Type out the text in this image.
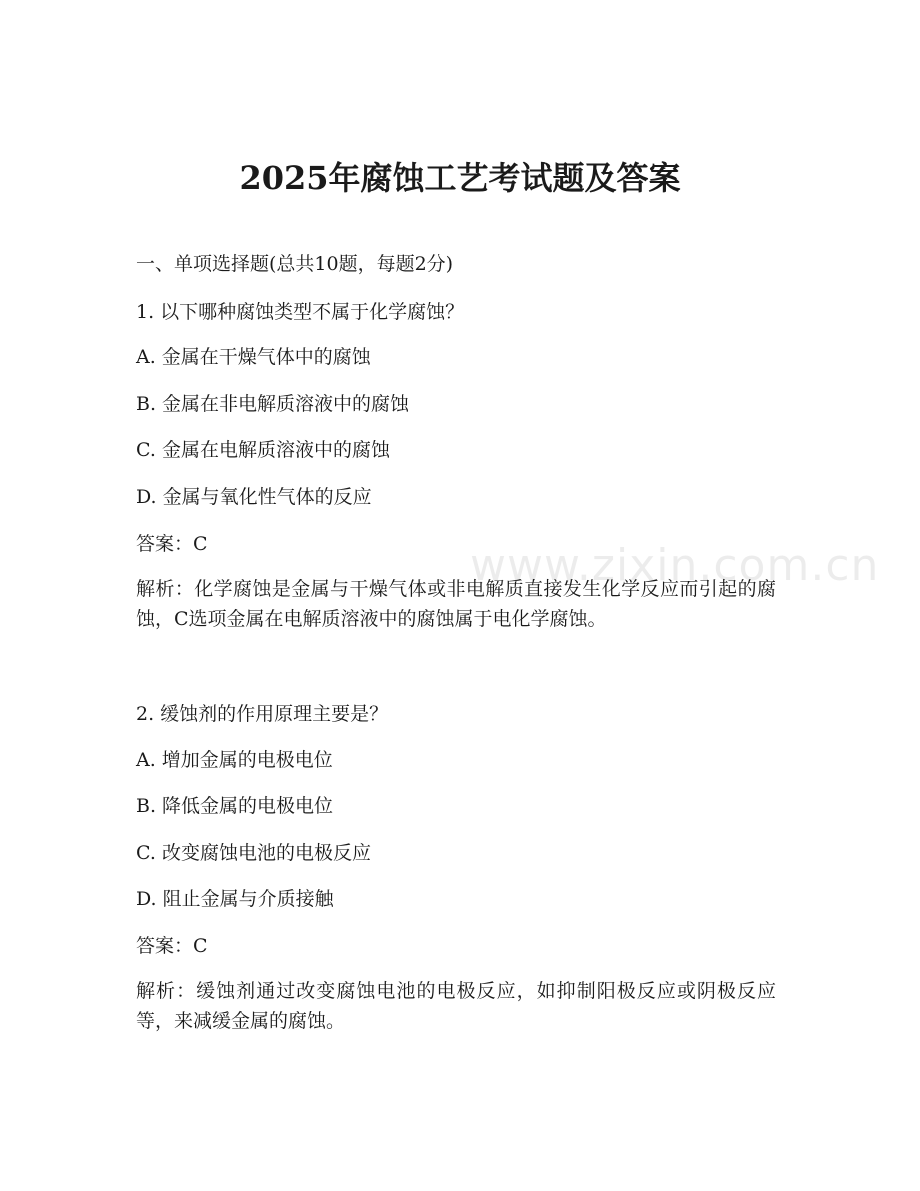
www.zixin.com.cn
2025年腐蚀工艺考试题及答案

一、单项选择题(总共10题，每题2分)

1. 以下哪种腐蚀类型不属于化学腐蚀？

A. 金属在干燥气体中的腐蚀

B. 金属在非电解质溶液中的腐蚀

C. 金属在电解质溶液中的腐蚀

D. 金属与氧化性气体的反应

答案：C

解析：化学腐蚀是金属与干燥气体或非电解质直接发生化学反应而引起的腐蚀，C选项金属在电解质溶液中的腐蚀属于电化学腐蚀。

2. 缓蚀剂的作用原理主要是？

A. 增加金属的电极电位

B. 降低金属的电极电位

C. 改变腐蚀电池的电极反应

D. 阻止金属与介质接触

答案：C

解析：缓蚀剂通过改变腐蚀电池的电极反应，如抑制阳极反应或阴极反应等，来减缓金属的腐蚀。
